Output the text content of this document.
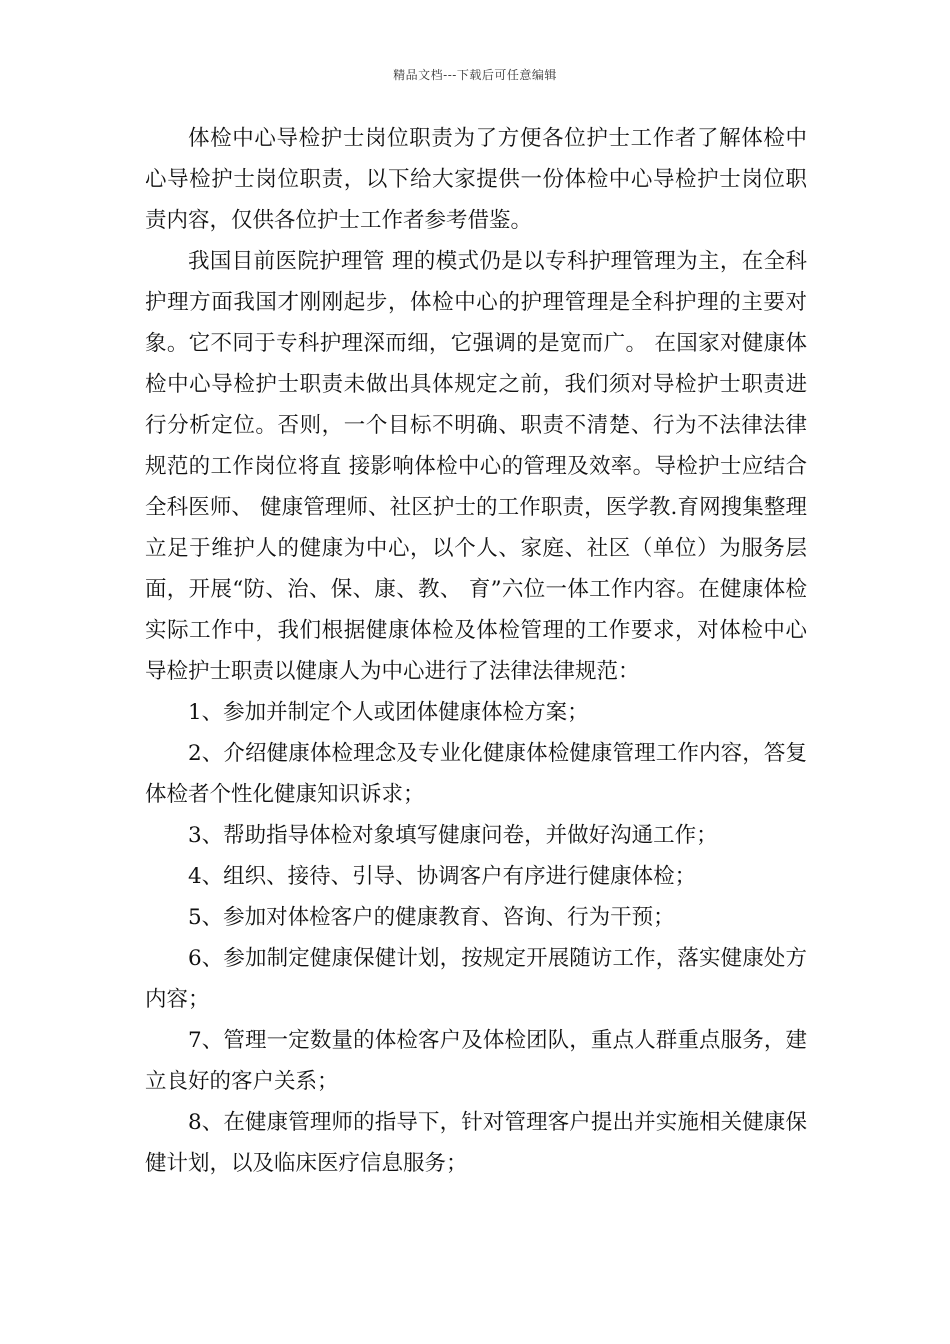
精品文档---下载后可任意编辑

体检中心导检护士岗位职责为了方便各位护士工作者了解体检中心导检护士岗位职责，以下给大家提供一份体检中心导检护士岗位职责内容，仅供各位护士工作者参考借鉴。

我国目前医院护理管 理的模式仍是以专科护理管理为主，在全科护理方面我国才刚刚起步，体检中心的护理管理是全科护理的主要对象。它不同于专科护理深而细，它强调的是宽而广。 在国家对健康体检中心导检护士职责未做出具体规定之前，我们须对导检护士职责进行分析定位。否则，一个目标不明确、职责不清楚、行为不法律法律规范的工作岗位将直 接影响体检中心的管理及效率。导检护士应结合全科医师、 健康管理师、社区护士的工作职责，医学教.育网搜集整理立足于维护人的健康为中心，以个人、家庭、社区（单位）为服务层面，开展“防、治、保、康、教、 育”六位一体工作内容。在健康体检实际工作中，我们根据健康体检及体检管理的工作要求，对体检中心导检护士职责以健康人为中心进行了法律法律规范：

1、参加并制定个人或团体健康体检方案；

2、介绍健康体检理念及专业化健康体检健康管理工作内容，答复体检者个性化健康知识诉求；

3、帮助指导体检对象填写健康问卷，并做好沟通工作；

4、组织、接待、引导、协调客户有序进行健康体检；

5、参加对体检客户的健康教育、咨询、行为干预；

6、参加制定健康保健计划，按规定开展随访工作，落实健康处方内容；

7、管理一定数量的体检客户及体检团队，重点人群重点服务，建立良好的客户关系；

8、在健康管理师的指导下，针对管理客户提出并实施相关健康保健计划，以及临床医疗信息服务；
